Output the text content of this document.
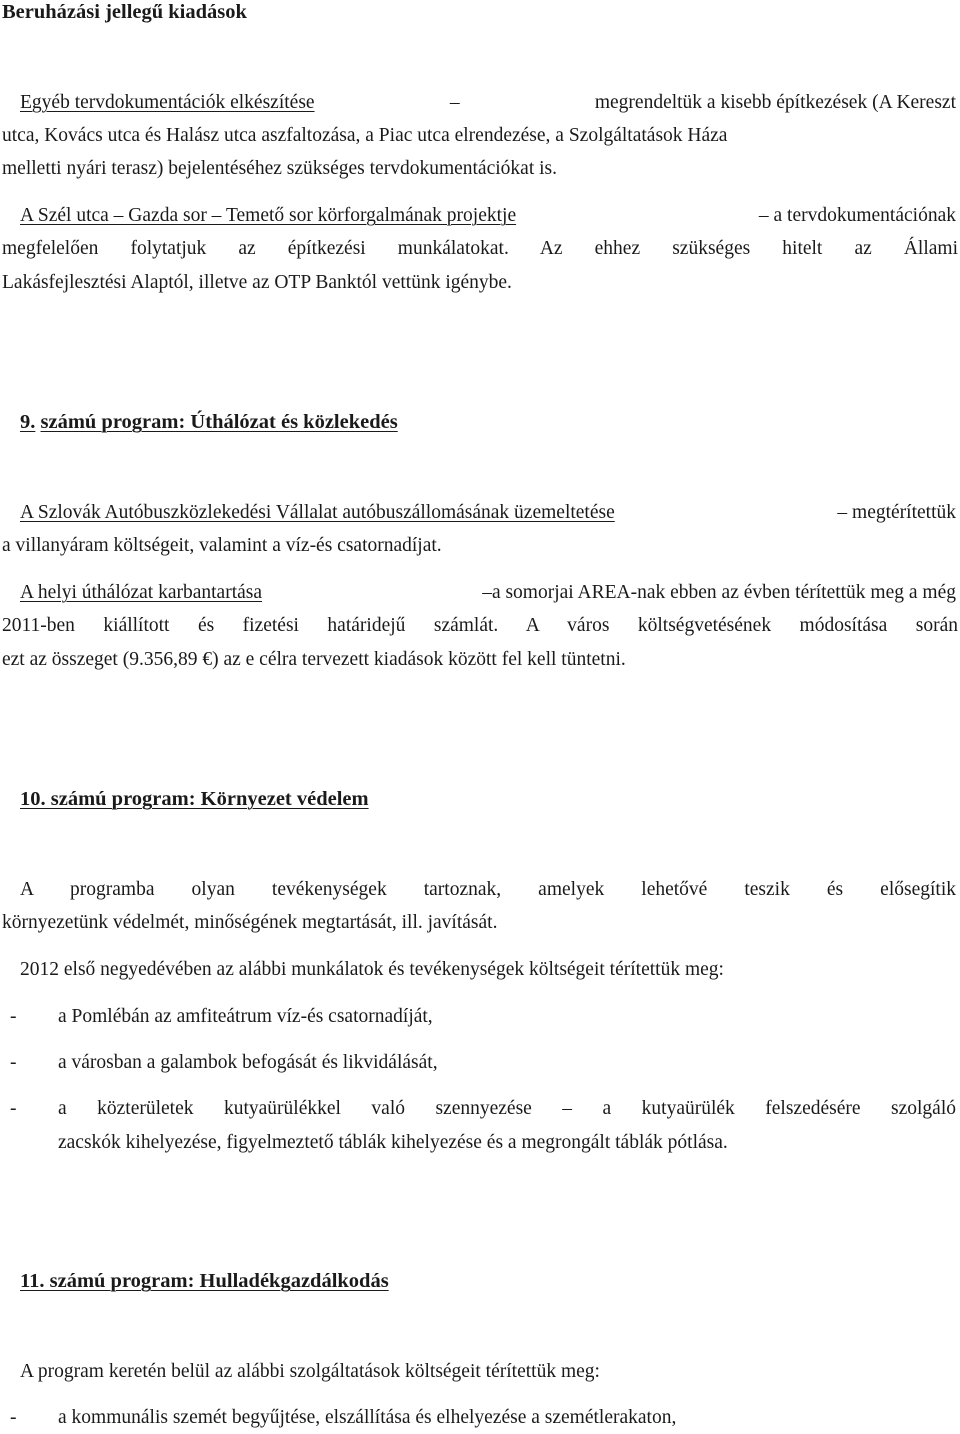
Beruházási jellegű kiadások
Egyéb tervdokumentációk elkészítése	–	megrendeltük a kisebb építkezések (A Kereszt
utca, Kovács utca és Halász utca aszfaltozása, a Piac utca elrendezése, a Szolgáltatások Háza
melletti nyári terasz) bejelentéséhez szükséges tervdokumentációkat is.
A Szél utca – Gazda sor – Temető sor körforgalmának projektje	– a tervdokumentációnak
megfelelően folytatjuk az építkezési munkálatokat. Az ehhez szükséges hitelt az Állami
Lakásfejlesztési Alaptól, illetve az OTP Banktól vettünk igénybe.
9. számú program: Úthálózat és közlekedés
A Szlovák Autóbuszközlekedési Vállalat autóbuszállomásának üzemeltetése	– megtérítettük
a villanyáram költségeit, valamint a víz-és csatornadíjat.
A helyi úthálózat karbantartása	–a somorjai AREA-nak ebben az évben térítettük meg a még
2011-ben kiállított és fizetési határidejű számlát. A város költségvetésének módosítása során
ezt az összeget (9.356,89 €) az e célra tervezett kiadások között fel kell tüntetni.
10. számú program: Környezet védelem
A programba olyan tevékenységek tartoznak, amelyek lehetővé teszik és elősegítik
környezetünk védelmét, minőségének megtartását, ill. javítását.
2012 első negyedévében az alábbi munkálatok és tevékenységek költségeit térítettük meg:
- a Pomlébán az amfiteátrum víz-és csatornadíját,
- a városban a galambok befogását és likvidálását,
- a közterületek kutyaürülékkel való szennyezése – a kutyaürülék felszedésére szolgáló
zacskók kihelyezése, figyelmeztető táblák kihelyezése és a megrongált táblák pótlása.
11. számú program: Hulladékgazdálkodás
A program keretén belül az alábbi szolgáltatások költségeit térítettük meg:
- a kommunális szemét begyűjtése, elszállítása és elhelyezése a szemétlerakaton,
